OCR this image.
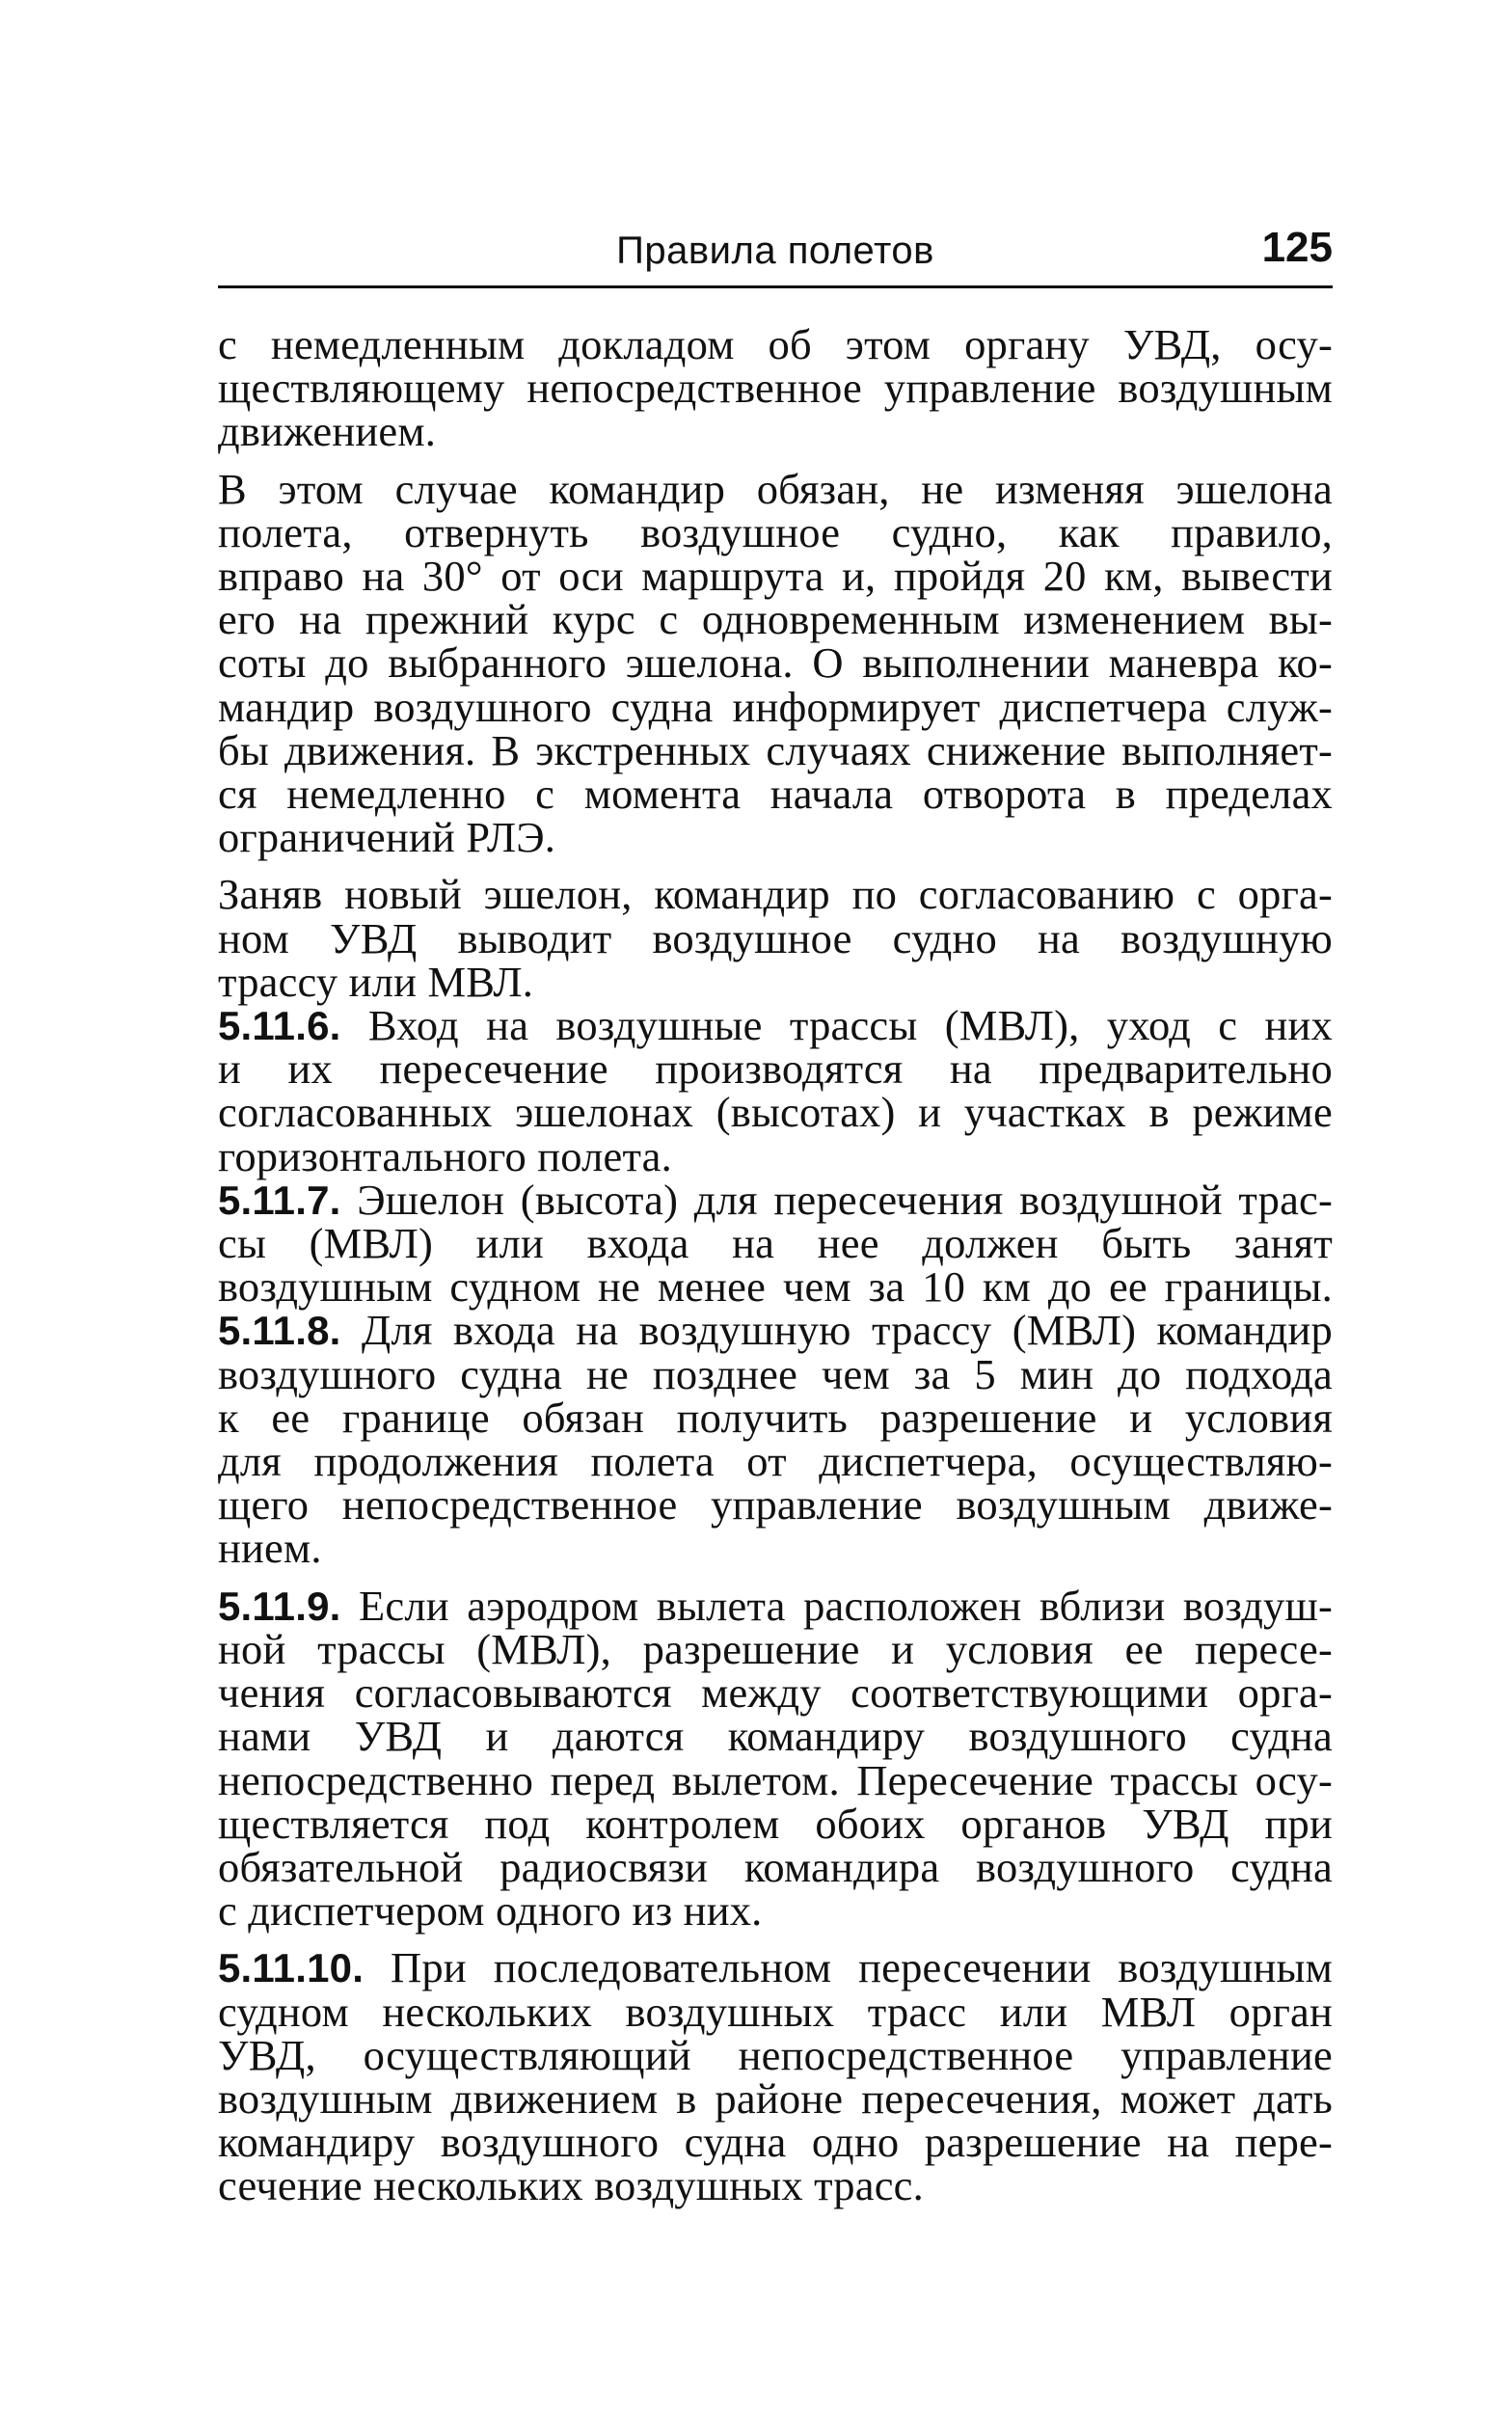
Правила полетов	125

с немедленным докладом об этом органу УВД, осу-
ществляющему непосредственное управление воздушным
движением.

В этом случае командир обязан, не изменяя эшелона
полета, отвернуть воздушное судно, как правило,
вправо на 30° от оси маршрута и, пройдя 20 км, вывести
его на прежний курс с одновременным изменением вы-
соты до выбранного эшелона. О выполнении маневра ко-
мандир воздушного судна информирует диспетчера служ-
бы движения. В экстренных случаях снижение выполняет-
ся немедленно с момента начала отворота в пределах
ограничений РЛЭ.

Заняв новый эшелон, командир по согласованию с орга-
ном УВД выводит воздушное судно на воздушную
трассу или МВЛ.

5.11.6. Вход на воздушные трассы (МВЛ), уход с них
и их пересечение производятся на предварительно
согласованных эшелонах (высотах) и участках в режиме
горизонтального полета.

5.11.7. Эшелон (высота) для пересечения воздушной трас-
сы (МВЛ) или входа на нее должен быть занят
воздушным судном не менее чем за 10 км до ее границы.

5.11.8. Для входа на воздушную трассу (МВЛ) командир
воздушного судна не позднее чем за 5 мин до подхода
к ее границе обязан получить разрешение и условия
для продолжения полета от диспетчера, осуществляю-
щего непосредственное управление воздушным движе-
нием.

5.11.9. Если аэродром вылета расположен вблизи воздуш-
ной трассы (МВЛ), разрешение и условия ее пересе-
чения согласовываются между соответствующими орга-
нами УВД и даются командиру воздушного судна
непосредственно перед вылетом. Пересечение трассы осу-
ществляется под контролем обоих органов УВД при
обязательной радиосвязи командира воздушного судна
с диспетчером одного из них.

5.11.10. При последовательном пересечении воздушным
судном нескольких воздушных трасс или МВЛ орган
УВД, осуществляющий непосредственное управление
воздушным движением в районе пересечения, может дать
командиру воздушного судна одно разрешение на пере-
сечение нескольких воздушных трасс.
